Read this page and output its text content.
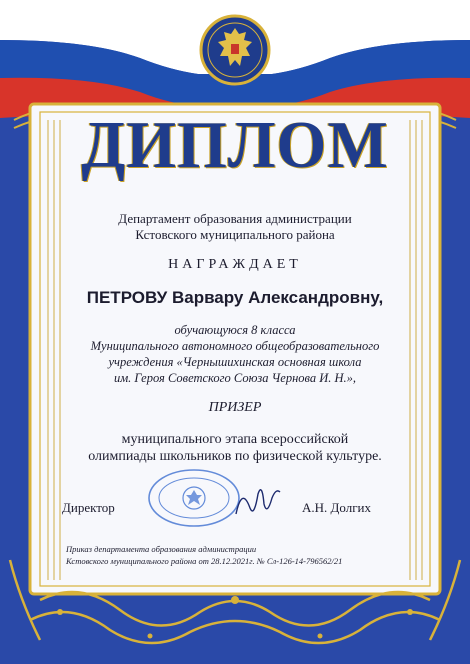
ДИПЛОМ
Департамент образования администрации
Кстовского муниципального района
НАГРАЖДАЕТ
ПЕТРОВУ Варвару Александровну,
обучающуюся 8 класса
Муниципального автономного общеобразовательного
учреждения «Чернышихинская основная школа
им. Героя Советского Союза Чернова И. Н.»,
ПРИЗЕР
муниципального этапа всероссийской
олимпиады школьников по физической культуре.
Директор	А.Н. Долгих
Приказ департамента образования администрации
Кстовского муниципального района от 28.12.2021г. № Сл-126-14-796562/21
